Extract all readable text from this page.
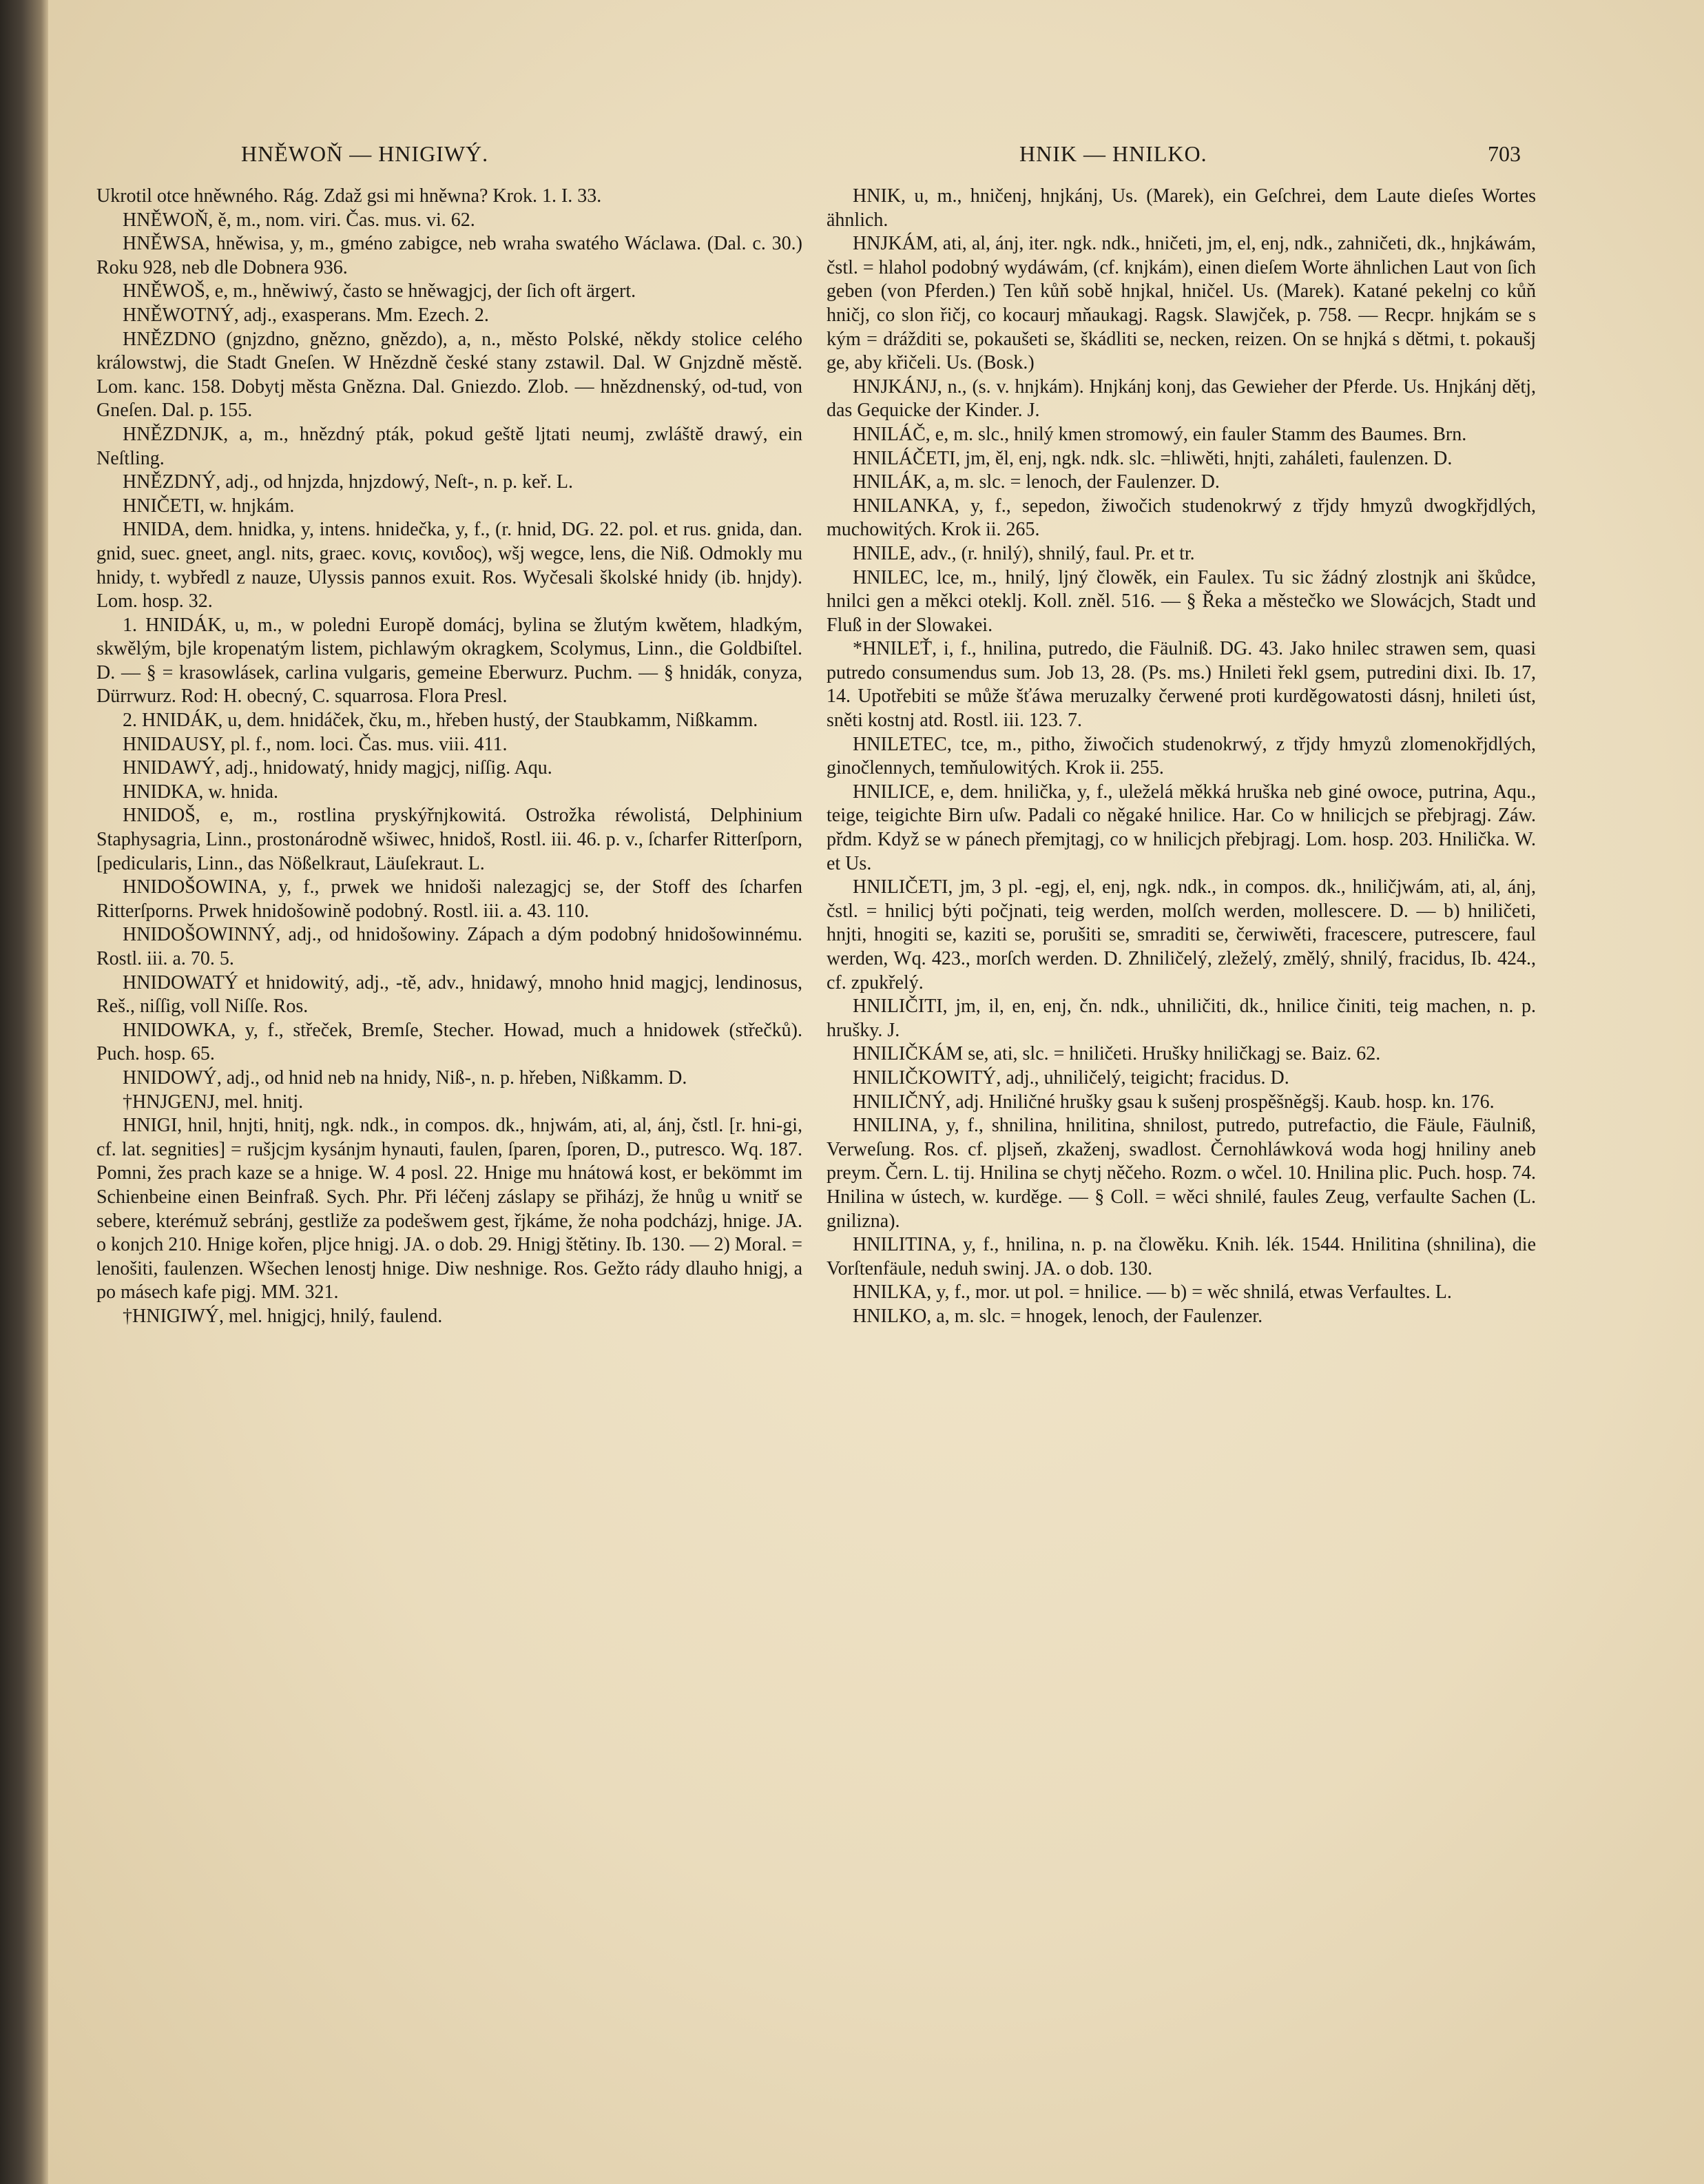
HNĚWOŇ — HNIGIWÝ.	HNIK — HNILKO.	703

Ukrotil otce hněwného. Rág. Zdaž gsi mi hněwna? Krok. 1. I. 33.

HNĚWOŇ, ě, m., nom. viri. Čas. mus. vi. 62.

HNĚWSA, hněwisa, y, m., gméno zabigce, neb wraha swatého Wáclawa. (Dal. c. 30.) Roku 928, neb dle Dobnera 936.

HNĚWOŠ, e, m., hněwiwý, často se hněwagjcj, der ſich oft ärgert.

HNĚWOTNÝ, adj., exasperans. Mm. Ezech. 2.

HNĚZDNO (gnjzdno, gnězno, gnězdo), a, n., město Polské, někdy stolice celého králowstwj, die Stadt Gneſen. W Hnězdně české stany zstawil. Dal. W Gnjzdně městě. Lom. kanc. 158. Dobytj města Gnězna. Dal. Gniezdo. Zlob. — hnězdnenský, od-tud, von Gneſen. Dal. p. 155.

HNĚZDNJK, a, m., hnězdný pták, pokud geště ljtati neumj, zwláště drawý, ein Neſtling.

HNĚZDNÝ, adj., od hnjzda, hnjzdowý, Neſt-, n. p. keř. L.

HNIČETI, w. hnjkám.

HNIDA, dem. hnidka, y, intens. hnidečka, y, f., (r. hnid, DG. 22. pol. et rus. gnida, dan. gnid, suec. gneet, angl. nits, graec. κονις, κονιδος), wšj wegce, lens, die Niß. Odmokly mu hnidy, t. wybředl z nauze, Ulyssis pannos exuit. Ros. Wyčesali školské hnidy (ib. hnjdy). Lom. hosp. 32.

1. HNIDÁK, u, m., w poledni Europě domácj, bylina se žlutým kwětem, hladkým, skwělým, bjle kropenatým listem, pichlawým okragkem, Scolymus, Linn., die Goldbiſtel. D. — § = krasowlásek, carlina vulgaris, gemeine Eberwurz. Puchm. — § hnidák, conyza, Dürrwurz. Rod: H. obecný, C. squarrosa. Flora Presl.

2. HNIDÁK, u, dem. hnidáček, čku, m., hřeben hustý, der Staubkamm, Nißkamm.

HNIDAUSY, pl. f., nom. loci. Čas. mus. viii. 411.

HNIDAWÝ, adj., hnidowatý, hnidy magjcj, niſſig. Aqu.

HNIDKA, w. hnida.

HNIDOŠ, e, m., rostlina pryskýřnjkowitá. Ostrožka réwolistá, Delphinium Staphysagria, Linn., prostonárodně wšiwec, hnidoš, Rostl. iii. 46. p. v., ſcharfer Ritterſporn, [pedicularis, Linn., das Nößelkraut, Läuſekraut. L.

HNIDOŠOWINA, y, f., prwek we hnidoši nalezagjcj se, der Stoff des ſcharfen Ritterſporns. Prwek hnidošowině podobný. Rostl. iii. a. 43. 110.

HNIDOŠOWINNÝ, adj., od hnidošowiny. Zápach a dým podobný hnidošowinnému. Rostl. iii. a. 70. 5.

HNIDOWATÝ et hnidowitý, adj., -tě, adv., hnidawý, mnoho hnid magjcj, lendinosus, Reš., niſſig, voll Niſſe. Ros.

HNIDOWKA, y, f., střeček, Bremſe, Stecher. Howad, much a hnidowek (střečků). Puch. hosp. 65.

HNIDOWÝ, adj., od hnid neb na hnidy, Niß-, n. p. hřeben, Nißkamm. D.

†HNJGENJ, mel. hnitj.

HNIGI, hnil, hnjti, hnitj, ngk. ndk., in compos. dk., hnjwám, ati, al, ánj, čstl. [r. hni-gi, cf. lat. segnities] = rušjcjm kysánjm hynauti, faulen, ſparen, ſporen, D., putresco. Wq. 187. Pomni, žes prach kaze se a hnige. W. 4 posl. 22. Hnige mu hnátowá kost, er bekömmt im Schienbeine einen Beinfraß. Sych. Phr. Při léčenj záslapy se přiházj, že hnůg u wnitř se sebere, kterémuž sebránj, gestliže za podešwem gest, řjkáme, že noha podcházj, hnige. JA. o konjch 210. Hnige kořen, pljce hnigj. JA. o dob. 29. Hnigj štětiny. Ib. 130. — 2) Moral. = lenošiti, faulenzen. Wšechen lenostj hnige. Diw neshnige. Ros. Gežto rády dlauho hnigj, a po másech kafe pigj. MM. 321.

†HNIGIWÝ, mel. hnigjcj, hnilý, faulend.

HNIK, u, m., hničenj, hnjkánj, Us. (Marek), ein Geſchrei, dem Laute dieſes Wortes ähnlich.

HNJKÁM, ati, al, ánj, iter. ngk. ndk., hničeti, jm, el, enj, ndk., zahničeti, dk., hnjkáwám, čstl. = hlahol podobný wydáwám, (cf. knjkám), einen dieſem Worte ähnlichen Laut von ſich geben (von Pferden.) Ten kůň sobě hnjkal, hničel. Us. (Marek). Katané pekelnj co kůň hničj, co slon řičj, co kocaurj mňaukagj. Ragsk. Slawjček, p. 758. — Recpr. hnjkám se s kým = drážditi se, pokaušeti se, škádliti se, necken, reizen. On se hnjká s dětmi, t. pokaušj ge, aby křičeli. Us. (Bosk.)

HNJKÁNJ, n., (s. v. hnjkám). Hnjkánj konj, das Gewieher der Pferde. Us. Hnjkánj dětj, das Gequicke der Kinder. J.

HNILÁČ, e, m. slc., hnilý kmen stromowý, ein fauler Stamm des Baumes. Brn.

HNILÁČETI, jm, ěl, enj, ngk. ndk. slc. =hliwěti, hnjti, zaháleti, faulenzen. D.

HNILÁK, a, m. slc. = lenoch, der Faulenzer. D.

HNILANKA, y, f., sepedon, žiwočich studenokrwý z třjdy hmyzů dwogkřjdlých, muchowitých. Krok ii. 265.

HNILE, adv., (r. hnilý), shnilý, faul. Pr. et tr.

HNILEC, lce, m., hnilý, ljný člowěk, ein Faulex. Tu sic žádný zlostnjk ani škůdce, hnilci gen a měkci oteklj. Koll. zněl. 516. — § Řeka a městečko we Slowácjch, Stadt und Fluß in der Slowakei.

*HNILEŤ, i, f., hnilina, putredo, die Fäulniß. DG. 43. Jako hnilec strawen sem, quasi putredo consumendus sum. Job 13, 28. (Ps. ms.) Hnileti řekl gsem, putredini dixi. Ib. 17, 14. Upotřebiti se může šťáwa meruzalky čerwené proti kurděgowatosti dásnj, hnileti úst, sněti kostnj atd. Rostl. iii. 123. 7.

HNILETEC, tce, m., pitho, žiwočich studenokrwý, z třjdy hmyzů zlomenokřjdlých, ginočlennych, temňulowitých. Krok ii. 255.

HNILICE, e, dem. hnilička, y, f., uleželá měkká hruška neb giné owoce, putrina, Aqu., teige, teigichte Birn uſw. Padali co něgaké hnilice. Har. Co w hnilicjch se přebjragj. Záw. přdm. Když se w pánech přemjtagj, co w hnilicjch přebjragj. Lom. hosp. 203. Hnilička. W. et Us.

HNILIČETI, jm, 3 pl. -egj, el, enj, ngk. ndk., in compos. dk., hniličjwám, ati, al, ánj, čstl. = hnilicj býti počjnati, teig werden, molſch werden, mollescere. D. — b) hniličeti, hnjti, hnogiti se, kaziti se, porušiti se, smraditi se, čerwiwěti, fracescere, putrescere, faul werden, Wq. 423., morſch werden. D. Zhniličelý, zleželý, změlý, shnilý, fracidus, Ib. 424., cf. zpukřelý.

HNILIČITI, jm, il, en, enj, čn. ndk., uhniličiti, dk., hnilice činiti, teig machen, n. p. hrušky. J.

HNILIČKÁM se, ati, slc. = hniličeti. Hrušky hniličkagj se. Baiz. 62.

HNILIČKOWITÝ, adj., uhniličelý, teigicht; fracidus. D.

HNILIČNÝ, adj. Hniličné hrušky gsau k sušenj prospěšněgšj. Kaub. hosp. kn. 176.

HNILINA, y, f., shnilina, hnilitina, shnilost, putredo, putrefactio, die Fäule, Fäulniß, Verweſung. Ros. cf. pljseň, zkaženj, swadlost. Černohláwková woda hogj hniliny aneb preym. Čern. L. tij. Hnilina se chytj něčeho. Rozm. o wčel. 10. Hnilina plic. Puch. hosp. 74. Hnilina w ústech, w. kurděge. — § Coll. = wěci shnilé, faules Zeug, verfaulte Sachen (L. gnilizna).

HNILITINA, y, f., hnilina, n. p. na člowěku. Knih. lék. 1544. Hnilitina (shnilina), die Vorſtenfäule, neduh swinj. JA. o dob. 130.

HNILKA, y, f., mor. ut pol. = hnilice. — b) = wěc shnilá, etwas Verfaultes. L.

HNILKO, a, m. slc. = hnogek, lenoch, der Faulenzer.
